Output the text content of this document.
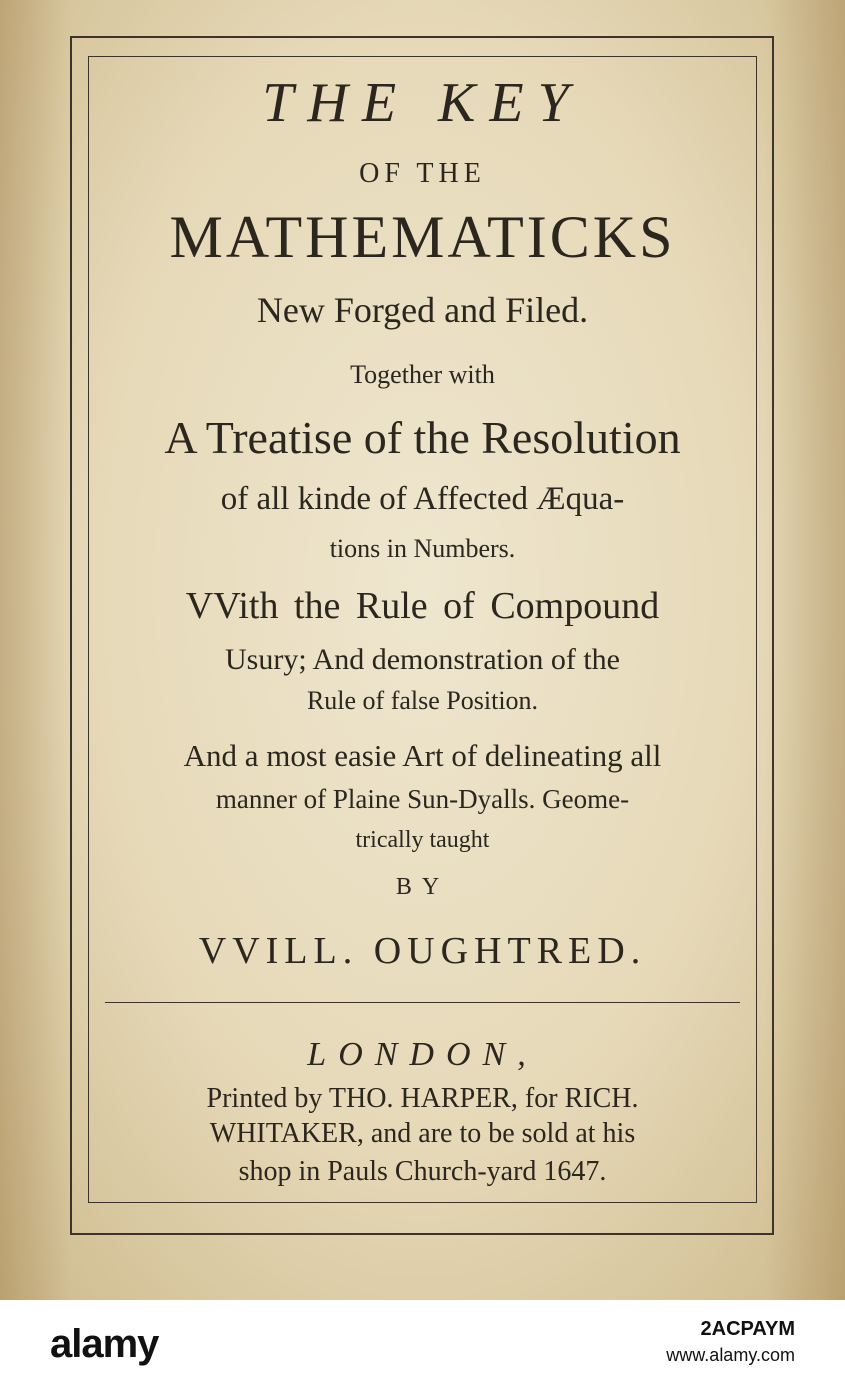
THE KEY
OF THE
MATHEMATICKS
New Forged and Filed.
Together with
A Treatise of the Resolution
of all kinde of Affected Æqua-
tions in Numbers.
VVith the Rule of Compound
Usury; And demonstration of the
Rule of false Position.
And a most easie Art of delineating all
manner of Plaine Sun-Dyalls. Geome-
trically taught
BY
VVILL. OUGHTRED.
LONDON,
Printed by THO. HARPER, for RICH.
WHITAKER, and are to be sold at his
shop in Pauls Church-yard 1647.
alamy	2ACPAYM
www.alamy.com
